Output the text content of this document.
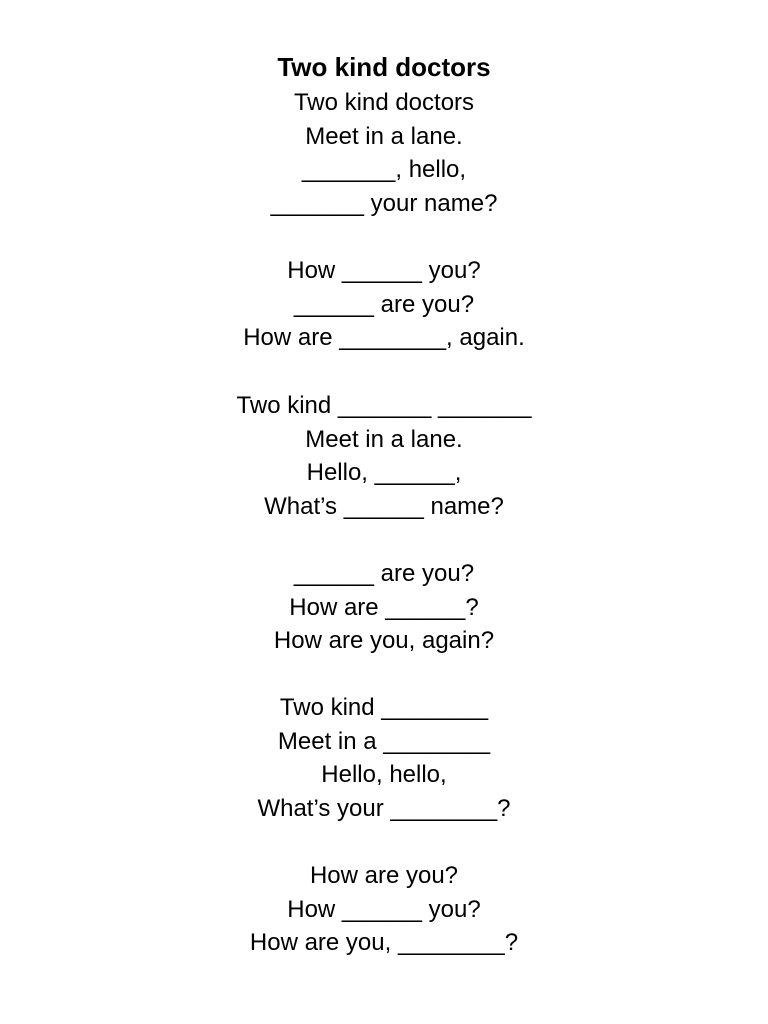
Two kind doctors
Two kind doctors
Meet in a lane.
_______, hello,
_______ your name?
How ______ you?
______ are you?
How are ________, again.
Two kind _______ _______
Meet in a lane.
Hello, ______,
What’s ______ name?
______ are you?
How are ______?
How are you, again?
Two kind ________
Meet in a ________
Hello, hello,
What’s your ________?
How are you?
How ______ you?
How are you, ________?
